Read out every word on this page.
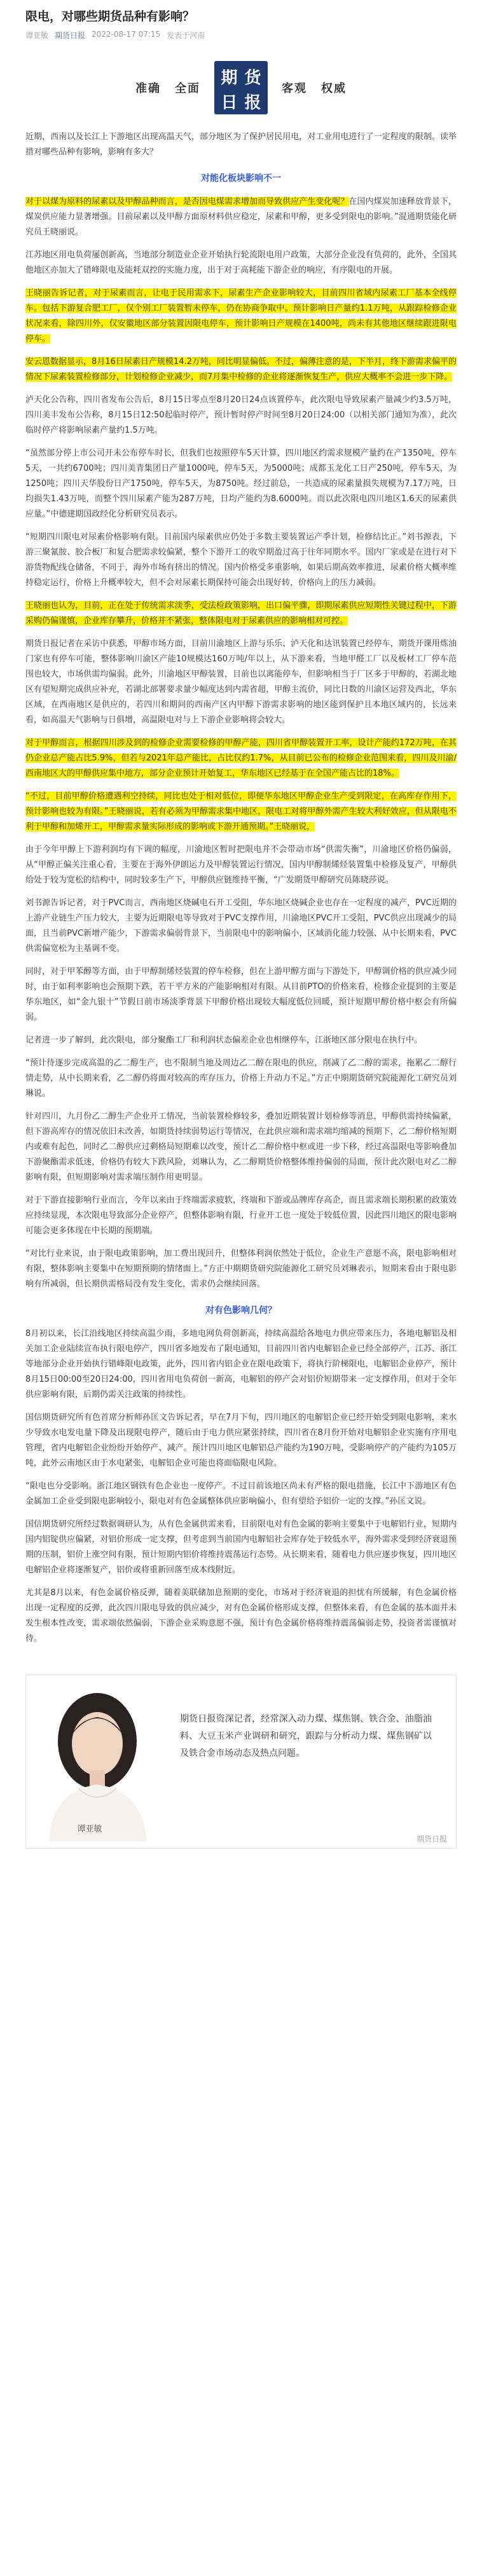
限电，对哪些期货品种有影响？
谭亚敏 期货日报 2022-08-17 07:15 发表于河南
准确 全面
期 货
日 报
客观 权威

近期，西南以及长江上下游地区出现高温天气，部分地区为了保护居民用电，对工业用电进行了一定程度的限制。读举措对哪些品种有影响，影响有多大？

对能化板块影响不一

对于以煤为原料的尿素以及甲醇品种而言，是否因电煤需求增加而导致供应产生变化呢？在国内煤炭加速释放背景下，煤炭供应能力显著增强。目前尿素以及甲醇方面原材料供应稳定，尿素和甲醇，更多受到限电的影响。”混通期货能化研究员王晓丽说。

江苏地区用电负荷屡创新高，当地部分制造业企业开始执行轮流限电用户政策，大部分企业没有负荷的，此外，全国其他地区亦加大了错峰限电及能耗双控的实施力度，出于对于高耗能下游企业的响应，有序限电的开展。

王晓丽告诉记者，对于尿素而言，让电于民用需求下，尿素生产企业影响较大，目前四川省域内尿素工厂基本全线停车。包括下游复合肥工厂，仅个别工厂装置暂未停车，仍在协商争取中。预计影响日产量约1.1万吨，从跟踪检修企业状况来看，除四川外，仅安徽地区部分装置因限电停车，预计影响日产规模在1400吨，尚未有其他地区继续跟进限电停车。

安云恩数据显示，8月16日尿素日产规模14.2万吨，同比明显偏低。不过，偏薄注意的是，下半月，终下游需求偏平的情况下尿素装置检修部分，计划检修企业减少，而7月集中检修的企业将逐渐恢复生产，供应大概率不会进一步下降。

泸天化公告称，四川省发布公告后，8月15日零点至8月20日24点该置停车，此次限电导致尿素产量减少约3.5万吨，四川美丰发布公告称，8月15日12:50起临时停产，预计暂时停产时间至8月20日24:00（以相关部门通知为准），此次临时停产将影响尿素产量约1.5万吨。

“虽然部分停上市公司开未公布停车时长，但我们也按照停车5天计算，四川地区约需求规模产量约在产1350吨，停车5天，一共约6700吨；四川美青集团日产量1000吨，停车5天，为5000吨；成都玉龙化工日产250吨，停车5天，为1250吨；四川天华股份日产1750吨，停车5天，为8750吨。经过前总，一共造成的尿素量损失规模为7.17万吨，日均损失1.43万吨，而整个四川尿素产能为287万吨，日均产能约为8.6000吨。而以此次限电四川地区1.6天的尿素供应量。”中德建期国政经化分析研究员表示。

“短期四川限电对尿素价格影响有限。目前国内尿素供应仍处于多数主要装置运产季计划，检修结比正。”刘书源表，下游三聚氰胺、胶合板厂和复合肥需求较偏紧，整个下游开工的收窄期盈过高于往年同期水平。国内厂家或是在进行对下游货物配线仓储备，不同于，海外市场有挤出的情况。国内价格受多重影响，如果后期高效率推进，尿素价格大概率维持稳定运行，价格上升概率较大，但不会对尿素长期保持可能会出现好转，价格向上的压力减弱。

王晓丽也认为，目前，正在处于传统需求淡季，受法检政策影响，出口偏平骤，即期尿素供应短期性关键过程中，下游采购仍偏谨慎，企业库存攀升，价格并不紧张，整体限电对于尿素供应的影响相对可控。

期货日报记者在采访中获悉，甲醇市场方面，目前川渝地区上游与乐乐、泸天化和达讯装置已经停车，期货开课用炼油门家也有停车可能，整体影响川渝区产能10规模达160万吨/年以上，从下游来看，当地甲醛工厂以及板材工厂停车范围也较大，市场供需均偏弱。此外，川渝地区甲醇装置，目前也以离能停车，但影响相当于厂区多于甲醇的，若湖北地区有望短期完成供应补充，若湖北部署要求量少幅度达到内需省超，甲醇主流价，同比日数的川渝区运营及西北，华东区域，在西南地区是供应的，若四川和期间的西南产区内甲醇下游需求影响的地区能到保护且本地区域内的，长远来看，如高温天气影响与日俱增，高温限电对与上下游企业影响将会较大。

对于甲醇而言，根据四川涉及到的检修企业需要检修的甲醇产能，四川省甲醇装置开工率，设计产能约172万吨，在其仍企业总产能占比5.9%，但若与2021年总产能比，占比仅约1.7%，从目前已公布的检修企业范围来看，四川及川渝/西南地区大的甲醇供应集中地方，部分企业预计开始复工，华东地区已经基于在全国产能占比的18%。

“不过，目前甲醇价格遭遇利空持续，同比也处于相对低位，即便华东地区甲醇企业生产受到限定，在高库存作用下，预计影响也较为有限。”王晓丽说，若有必须为甲醇需求集中地区，限电工对将甲醇外需产生较大利好效应，但从限电不利于甲醇和加烯开工，甲醇需求量实际形成的影响或下游开通预期。”王晓丽说，

由于今年甲醇上下游利润均有下调的幅度，川渝地区暂时把限电并不会带动市场“供需失衡”，川渝地区价格仍偏弱，从“甲醇正偏关注重心看，主要在于海外伊朗运力及甲醇装置运行情况，国内甲醇制烯烃装置集中检修及复产，甲醇供给处于较为宽松的结构中，同时较多生产下，甲醇供应链维持平衡，“广发期货甲醇研究员陈晓莎说。

刘书源告诉记者，对于PVC而言，西南地区烧碱电石开工受阻，华东地区烧碱企业也存在一定程度的减产，PVC近期的上游产业链生产压力较大，主要为近期限电等导致对于PVC支撑作用，川渝地区PVC开工受阻，PVC供应出现减少的局面，且当前PVC新增产能少，下游需求偏弱背景下，当前限电中的影响偏小，区域消化能力较强、从中长期来看，PVC供需偏宽松为主基调不变。

同时，对于甲苯醇等方面，由于甲醇制烯烃装置的停车检修，但在上游甲醇方面与下游处下，甲醇调价格的供应减少同时，由于如利率影响也会预期下跌，若干平方米的产能影响相对有限。从目前PTO的价格来看，检修企业提到的主要是华东地区，如“金九银十”节假日前市场淡季背景下甲醇价格出现较大幅度低位回暖，预计短期甲醇价格中枢会有所偏弱。

记者进一步了解到，此次限电，部分聚酯工厂和利润状态偏差企业也相继停车，江浙地区部分限电在执行中。

“预计待逐步完成高温的乙二醇生产，也不限制当地及周边乙二醇在限电的供应，削减了乙二醇的需求，拖累乙二醇行情走势，从中长期来看，乙二醇仍将面对较高的库存压力，价格上升动力不足。”方正中期期货研究院能源化工研究员刘琳说。

针对四川，九月份乙二醇生产企业开工情况，当前装置检修较多，叠加近期装置计划检修等消息，甲醇供需持续偏紧，但下游高库存的情况依旧未改善，如期货持续弱势运行等情况，在此供应端和需求端均缩减的预期下，乙二醇价格短期内或难有起色，同时乙二醇供应过剩格局短期难以改变，预计乙二醇价格中枢或进一步下移，经过高温限电等影响叠加下游聚酯需求低迷，价格仍有较大下跌风险，刘琳认为，乙二醇期货价格整体维持偏弱的局面，预计此次限电对乙二醇影响有限，但短期影响对需求端压制作用更明显。

对于下游直接影响行业而言，今年以来由于终端需求疲软，终端和下游或品牌库存高企，而且需求端长期积累的政策效应持续显现，本次限电导致部分企业停产，但整体影响有限，行业开工也一度处于较低位置，因此四川地区的限电影响可能会更多体现在中长期的预期端。

“对比行业来说，由于限电政策影响，加工费出现回升，但整体利润依然处于低位，企业生产意愿不高，限电影响相对有限，整体影响主要集中在短期预期的情绪面上。”方正中期期货研究院能源化工研究员刘琳表示，短期来看由于限电影响有所减弱，但长期供需格局没有发生变化，需求仍会继续回落。

对有色影响几何？

8月初以来，长江沿线地区持续高温少雨，多地电网负荷创新高，持续高温给各地电力供应带来压力，各地电解铝及相关加工企业陆续宣布执行限电停产，四川省多地发布了限电通知，目前四川省内电解铝企业已经全部停产，江苏、浙江等地部分企业开始执行错峰限电政策，此外，四川省内铝企业在限电政策下，将执行阶梯限电，电解铝企业停产，预计8月15日00:00至20日24:00，四川省用电负荷创一新高，电解铝的停产会对铝价短期带来一定支撑作用，但对于全年供应影响有限，后期仍需关注政策的持续性。

国信期货研究所有色首席分析师孙匡文告诉记者，早在7月下旬，四川地区的电解铝企业已经开始受到限电影响，来水少导致水电发电量下降及出现限电停产，随后由于电力供应紧张持续，四川省在8月份开始对电解铝企业实施有序用电管理，省内电解铝企业纷纷开始停产、减产。预计四川地区电解铝总产能约为190万吨，受影响停产的产能约为105万吨，此外云南地区由于水电紧张，电解铝企业可能也将面临限电风险。

“限电也分受影响。浙江地区钢铁有色企业也一度停产。不过目前该地区尚未有严格的限电措施，长江中下游地区有色金属加工企业受到限电影响较小，限电对有色金属整体供应影响偏小，但有望给予铝价一定的支撑。”孙匡文说。

国信期货研究所经过数据调研认为，从有色金属供需来看，目前限电对有色金属的影响主要集中于电解铝行业，短期内国内铝锭供应偏紧，对铝价形成一定支撑，但考虑到当前国内电解铝社会库存处于较低水平，海外需求受到经济衰退预期的压制，铝价上涨空间有限，预计短期内铝价将维持震荡运行态势。从长期来看，随着电力供应逐步恢复，四川地区电解铝企业将逐渐复产，铝价或将重新回落至成本线附近。

尤其是8月以来，有色金属价格反弹，随着美联储加息预期的变化，市场对于经济衰退的担忧有所缓解，有色金属价格出现一定程度的反弹，此次四川限电导致的供应减少，对有色金属价格形成支撑，但整体来看，有色金属的基本面并未发生根本性改变，需求端依然偏弱，下游企业采购意愿不强，预计有色金属价格将维持震荡偏弱走势，投资者需谨慎对待。

期货日报资深记者，经常深入动力煤、煤焦钢、铁合金、油脂油料、大豆玉米产业调研和研究，跟踪与分析动力煤、煤焦钢矿以及铁合金市场动态及热点问题。
谭亚敏
期货日报
